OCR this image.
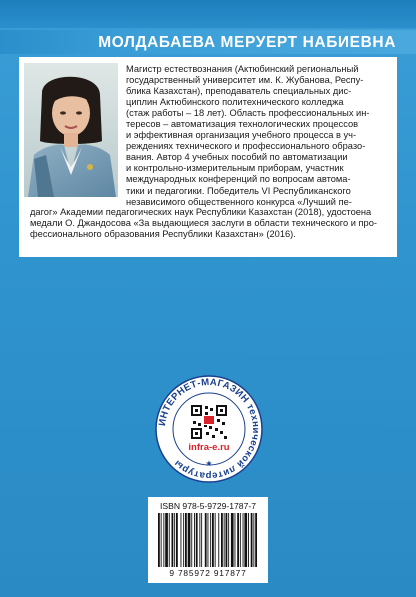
МОЛДАБАЕВА МЕРУЕРТ НАБИЕВНА
Магистр естествознания (Актюбинский региональный
государственный университет им. К. Жубанова, Респу-
блика Казахстан), преподаватель специальных дис-
циплин Актюбинского политехнического колледжа
(стаж работы – 18 лет). Область профессиональных ин-
тересов – автоматизация технологических процессов
и эффективная организация учебного процесса в уч-
реждениях технического и профессионального образо-
вания. Автор 4 учебных пособий по автоматизации
и контрольно-измерительным приборам, участник
международных конференций по вопросам автома-
тики и педагогики. Победитель VI Республиканского
независимого общественного конкурса «Лучший пе-
дагог» Академии педагогических наук Республики Казахстан (2018), удостоена
медали О. Джандосова «За выдающиеся заслуги в области технического и про-
фессионального образования Республики Казахстан» (2016).
ИНТЕРНЕТ-МАГАЗИН технической литературы
infra-e.ru
★
ISBN 978-5-9729-1787-7
9 785972 917877
